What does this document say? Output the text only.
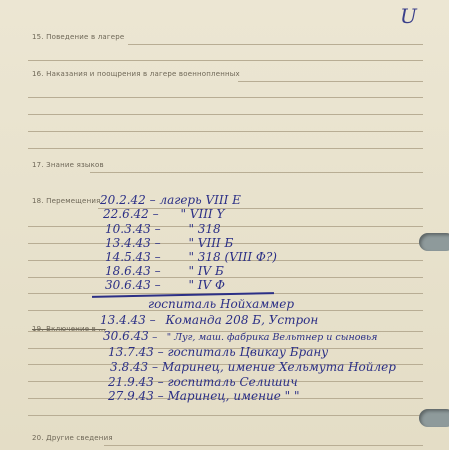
U
15. Поведение в лагере
16. Наказания и поощрения в лагере военнопленных
17. Знание языков
18. Перемещения 20.2.42 – лагерь VIII E
22.6.42 – " VIII Y
10.3.43 – " 318
13.4.43 – " VIII Б
14.5.43 – " 318 (VIII Ф?)
18.6.43 – " IV Б
30.6.43 – " IV Ф
госпиталь Нойхаммер
19. Включение в ...
13.4.43 – Команда 208 Б, Устрон
30.6.43 – " Луг, маш. фабрика Вельтнер и сыновья
13.7.43 – госпиталь Цвикау Брану
3.8.43 – Маринец, имение Хельмута Нойлер
21.9.43 – госпиталь Селишич
27.9.43 – Маринец, имение " "
20. Другие сведения
